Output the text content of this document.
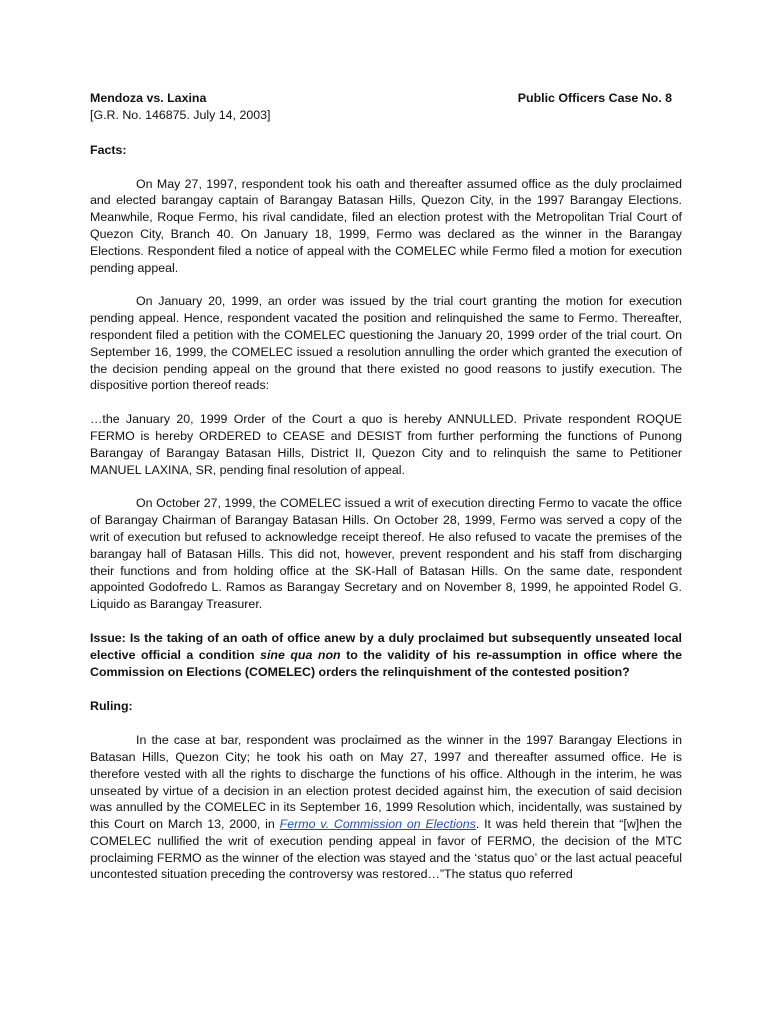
Mendoza vs. Laxina	Public Officers Case No. 8

[G.R. No. 146875. July 14, 2003]

Facts:

On May 27, 1997, respondent took his oath and thereafter assumed office as the duly proclaimed and elected barangay captain of Barangay Batasan Hills, Quezon City, in the 1997 Barangay Elections. Meanwhile, Roque Fermo, his rival candidate, filed an election protest with the Metropolitan Trial Court of Quezon City, Branch 40. On January 18, 1999, Fermo was declared as the winner in the Barangay Elections. Respondent filed a notice of appeal with the COMELEC while Fermo filed a motion for execution pending appeal.

On January 20, 1999, an order was issued by the trial court granting the motion for execution pending appeal. Hence, respondent vacated the position and relinquished the same to Fermo. Thereafter, respondent filed a petition with the COMELEC questioning the January 20, 1999 order of the trial court. On September 16, 1999, the COMELEC issued a resolution annulling the order which granted the execution of the decision pending appeal on the ground that there existed no good reasons to justify execution. The dispositive portion thereof reads:

…the January 20, 1999 Order of the Court a quo is hereby ANNULLED. Private respondent ROQUE FERMO is hereby ORDERED to CEASE and DESIST from further performing the functions of Punong Barangay of Barangay Batasan Hills, District II, Quezon City and to relinquish the same to Petitioner MANUEL LAXINA, SR, pending final resolution of appeal.

On October 27, 1999, the COMELEC issued a writ of execution directing Fermo to vacate the office of Barangay Chairman of Barangay Batasan Hills. On October 28, 1999, Fermo was served a copy of the writ of execution but refused to acknowledge receipt thereof. He also refused to vacate the premises of the barangay hall of Batasan Hills. This did not, however, prevent respondent and his staff from discharging their functions and from holding office at the SK-Hall of Batasan Hills. On the same date, respondent appointed Godofredo L. Ramos as Barangay Secretary and on November 8, 1999, he appointed Rodel G. Liquido as Barangay Treasurer.

Issue: Is the taking of an oath of office anew by a duly proclaimed but subsequently unseated local elective official a condition sine qua non to the validity of his re-assumption in office where the Commission on Elections (COMELEC) orders the relinquishment of the contested position?

Ruling:

In the case at bar, respondent was proclaimed as the winner in the 1997 Barangay Elections in Batasan Hills, Quezon City; he took his oath on May 27, 1997 and thereafter assumed office. He is therefore vested with all the rights to discharge the functions of his office. Although in the interim, he was unseated by virtue of a decision in an election protest decided against him, the execution of said decision was annulled by the COMELEC in its September 16, 1999 Resolution which, incidentally, was sustained by this Court on March 13, 2000, in Fermo v. Commission on Elections. It was held therein that “[w]hen the COMELEC nullified the writ of execution pending appeal in favor of FERMO, the decision of the MTC proclaiming FERMO as the winner of the election was stayed and the ‘status quo’ or the last actual peaceful uncontested situation preceding the controversy was restored…”The status quo referred
